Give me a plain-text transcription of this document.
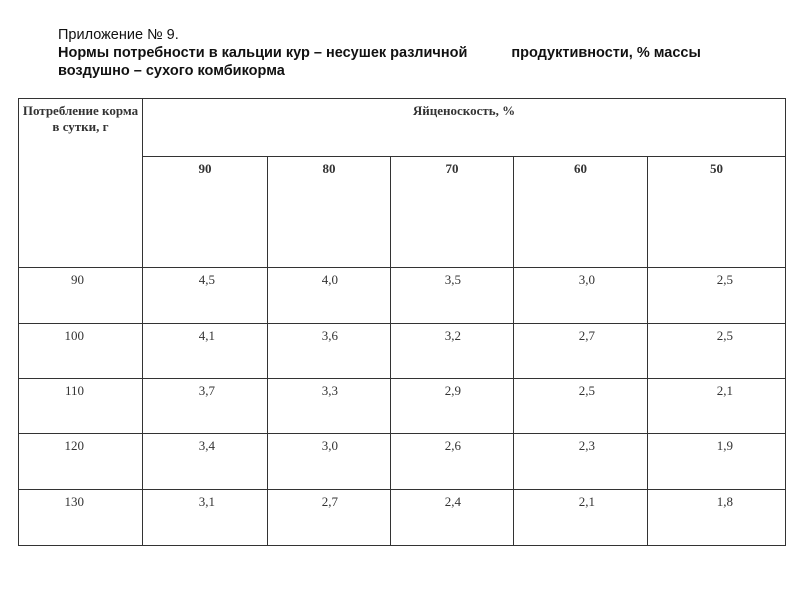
Приложение № 9.
Нормы потребности в кальции кур – несушек различной	продуктивности, % массы
воздушно – сухого комбикорма
Потребление корма в сутки, г	Яйценоскость, %				
	90	80	70	60	50
90	4,5	4,0	3,5	3,0	2,5
100	4,1	3,6	3,2	2,7	2,5
110	3,7	3,3	2,9	2,5	2,1
120	3,4	3,0	2,6	2,3	1,9
130	3,1	2,7	2,4	2,1	1,8
